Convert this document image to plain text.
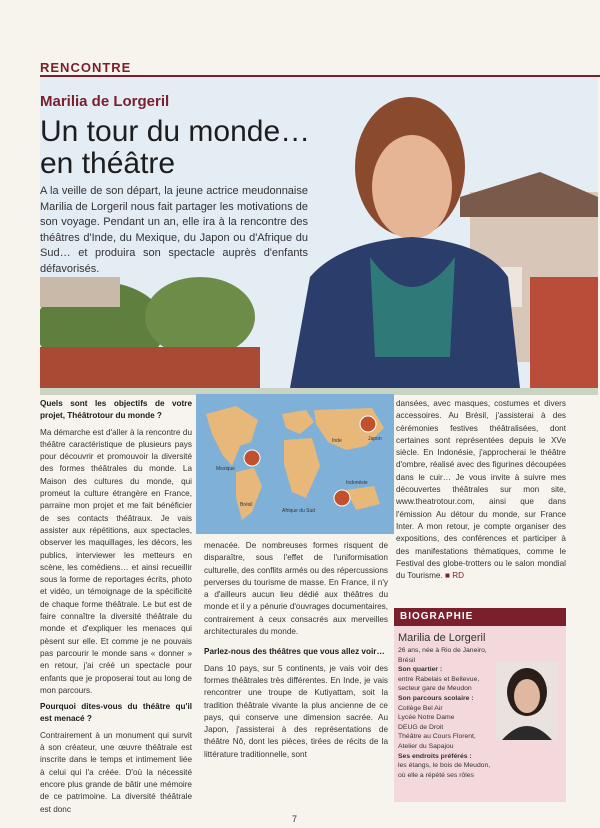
RENCONTRE
Marilia de Lorgeril
Un tour du monde…
en théâtre
A la veille de son départ, la jeune actrice meudonnaise Marilia de Lorgeril nous fait partager les motivations de son voyage. Pendant un an, elle ira à la rencontre des théâtres d'Inde, du Mexique, du Japon ou d'Afrique du Sud… et produira son spectacle auprès d'enfants défavorisés.

Quels sont les objectifs de votre projet, Théâtrotour du monde ?

Ma démarche est d'aller à la rencontre du théâtre caractéristique de plusieurs pays pour découvrir et promouvoir la diversité des formes théâtrales du monde. La Maison des cultures du monde, qui promeut la culture étrangère en France, parraine mon projet et me fait bénéficier de ses contacts théâtraux. Je vais assister aux répétitions, aux spectacles, observer les maquillages, les décors, les publics, interviewer les metteurs en scène, les comédiens… et ainsi recueillir sous la forme de reportages écrits, photo et vidéo, un témoignage de la spécificité de chaque forme théâtrale. Le but est de faire connaître la diversité théâtrale du monde et d'expliquer les menaces qui pèsent sur elle. Et comme je ne pouvais pas parcourir le monde sans « donner » en retour, j'ai créé un spectacle pour enfants que je proposerai tout au long de mon parcours.

Pourquoi dites-vous du théâtre qu'il est menacé ?

Contrairement à un monument qui survit à son créateur, une œuvre théâtrale est inscrite dans le temps et intimement liée à celui qui l'a créée. D'où la nécessité encore plus grande de bâtir une mémoire de ce patrimoine. La diversité théâtrale est donc

Mexique
Inde	Japon
Brésil
Afrique du Sud
Indonésie

menacée. De nombreuses formes risquent de disparaître, sous l'effet de l'uniformisation culturelle, des conflits armés ou des répercussions perverses du tourisme de masse. En France, il n'y a d'ailleurs aucun lieu dédié aux théâtres du monde et il y a pénurie d'ouvrages documentaires, contrairement à ceux consacrés aux merveilles architecturales du monde.

Parlez-nous des théâtres que vous allez voir…

Dans 10 pays, sur 5 continents, je vais voir des formes théâtrales très différentes. En Inde, je vais rencontrer une troupe de Kutiyattam, soit la tradition théâtrale vivante la plus ancienne de ce pays, qui conserve une dimension sacrée. Au Japon, j'assisterai à des représentations de théâtre Nô, dont les pièces, tirées de récits de la littérature traditionnelle, sont

dansées, avec masques, costumes et divers accessoires. Au Brésil, j'assisterai à des cérémonies festives théâtralisées, dont certaines sont représentées depuis le XVe siècle. En Indonésie, j'approcherai le théâtre d'ombre, réalisé avec des figurines découpées dans le cuir… Je vous invite à suivre mes découvertes théâtrales sur mon site, www.theatrotour.com, ainsi que dans l'émission Au détour du monde, sur France Inter. A mon retour, je compte organiser des expositions, des conférences et participer à des manifestations thématiques, comme le Festival des globe-trotters ou le salon mondial du Tourisme. ■ RD

BIOGRAPHIE
Marilia de Lorgeril
26 ans, née à Rio de Janeiro, Brésil
Son quartier :
entre Rabelais et Bellevue, secteur gare de Meudon
Son parcours scolaire :
Collège Bel Air
Lycée Notre Dame
DEUG de Droit
Théâtre au Cours Florent, Atelier du Sapajou
Ses endroits préférés :
les étangs, le bois de Meudon, où elle a répété ses rôles
7
